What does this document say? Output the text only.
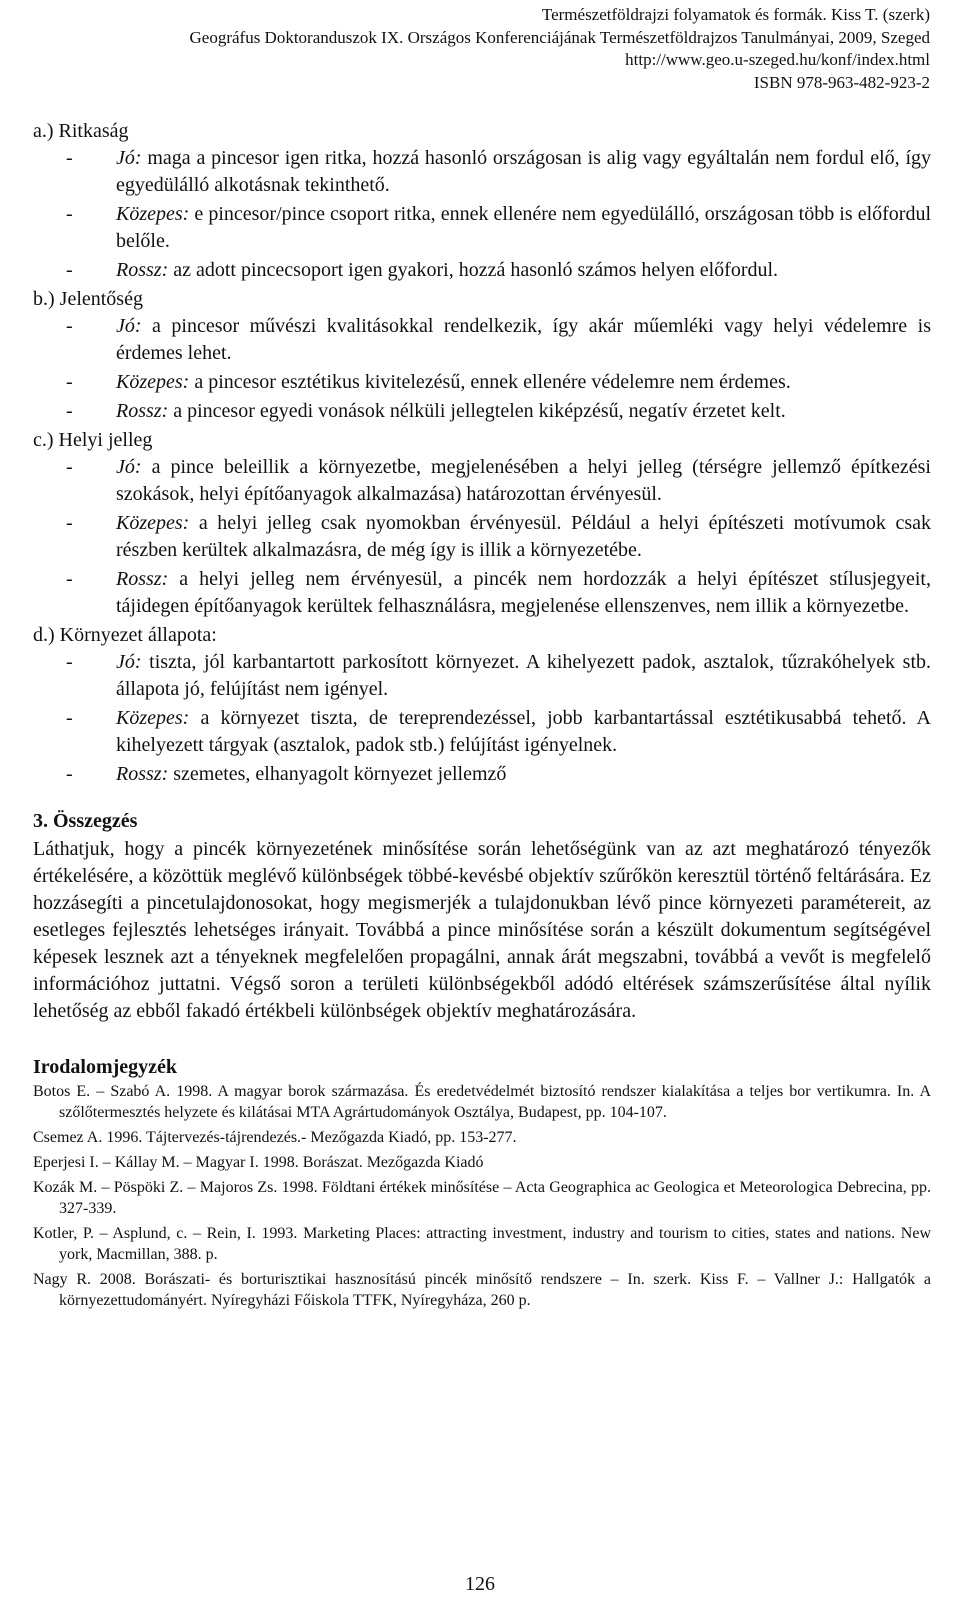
Természetföldrajzi folyamatok és formák. Kiss T. (szerk)
Geográfus Doktoranduszok IX. Országos Konferenciájának Természetföldrajzos Tanulmányai, 2009, Szeged
http://www.geo.u-szeged.hu/konf/index.html
ISBN 978-963-482-923-2
a.) Ritkaság
- Jó: maga a pincesor igen ritka, hozzá hasonló országosan is alig vagy egyáltalán nem fordul elő, így egyedülálló alkotásnak tekinthető.
- Közepes: e pincesor/pince csoport ritka, ennek ellenére nem egyedülálló, országosan több is előfordul belőle.
- Rossz: az adott pincecsoport igen gyakori, hozzá hasonló számos helyen előfordul.
b.) Jelentőség
- Jó: a pincesor művészi kvalitásokkal rendelkezik, így akár műemléki vagy helyi védelemre is érdemes lehet.
- Közepes: a pincesor esztétikus kivitelezésű, ennek ellenére védelemre nem érdemes.
- Rossz: a pincesor egyedi vonások nélküli jellegtelen kiképzésű, negatív érzetet kelt.
c.) Helyi jelleg
- Jó: a pince beleillik a környezetbe, megjelenésében a helyi jelleg (térségre jellemző építkezési szokások, helyi építőanyagok alkalmazása) határozottan érvényesül.
- Közepes: a helyi jelleg csak nyomokban érvényesül. Például a helyi építészeti motívumok csak részben kerültek alkalmazásra, de még így is illik a környezetébe.
- Rossz: a helyi jelleg nem érvényesül, a pincék nem hordozzák a helyi építészet stílusjegyeit, tájidegen építőanyagok kerültek felhasználásra, megjelenése ellenszenves, nem illik a környezetbe.
d.) Környezet állapota:
- Jó: tiszta, jól karbantartott parkosított környezet. A kihelyezett padok, asztalok, tűzrakóhelyek stb. állapota jó, felújítást nem igényel.
- Közepes: a környezet tiszta, de tereprendezéssel, jobb karbantartással esztétikusabbá tehető. A kihelyezett tárgyak (asztalok, padok stb.) felújítást igényelnek.
- Rossz: szemetes, elhanyagolt környezet jellemző
3. Összegzés

Láthatjuk, hogy a pincék környezetének minősítése során lehetőségünk van az azt meghatározó tényezők értékelésére, a közöttük meglévő különbségek többé-kevésbé objektív szűrőkön keresztül történő feltárására. Ez hozzásegíti a pincetulajdonosokat, hogy megismerjék a tulajdonukban lévő pince környezeti paramétereit, az esetleges fejlesztés lehetséges irányait. Továbbá a pince minősítése során a készült dokumentum segítségével képesek lesznek azt a tényeknek megfelelően propagálni, annak árát megszabni, továbbá a vevőt is megfelelő információhoz juttatni. Végső soron a területi különbségekből adódó eltérések számszerűsítése által nyílik lehetőség az ebből fakadó értékbeli különbségek objektív meghatározására.

Irodalomjegyzék
Botos E. – Szabó A. 1998. A magyar borok származása. És eredetvédelmét biztosító rendszer kialakítása a teljes bor vertikumra. In. A szőlőtermesztés helyzete és kilátásai MTA Agrártudományok Osztálya, Budapest, pp. 104-107.
Csemez A. 1996. Tájtervezés-tájrendezés.- Mezőgazda Kiadó, pp. 153-277.
Eperjesi I. – Kállay M. – Magyar I. 1998. Borászat. Mezőgazda Kiadó
Kozák M. – Pöspöki Z. – Majoros Zs. 1998. Földtani értékek minősítése – Acta Geographica ac Geologica et Meteorologica Debrecina, pp. 327-339.
Kotler, P. – Asplund, c. – Rein, I. 1993. Marketing Places: attracting investment, industry and tourism to cities, states and nations. New york, Macmillan, 388. p.
Nagy R. 2008. Borászati- és borturisztikai hasznosítású pincék minősítő rendszere – In. szerk. Kiss F. – Vallner J.: Hallgatók a környezettudományért. Nyíregyházi Főiskola TTFK, Nyíregyháza, 260 p.
126
